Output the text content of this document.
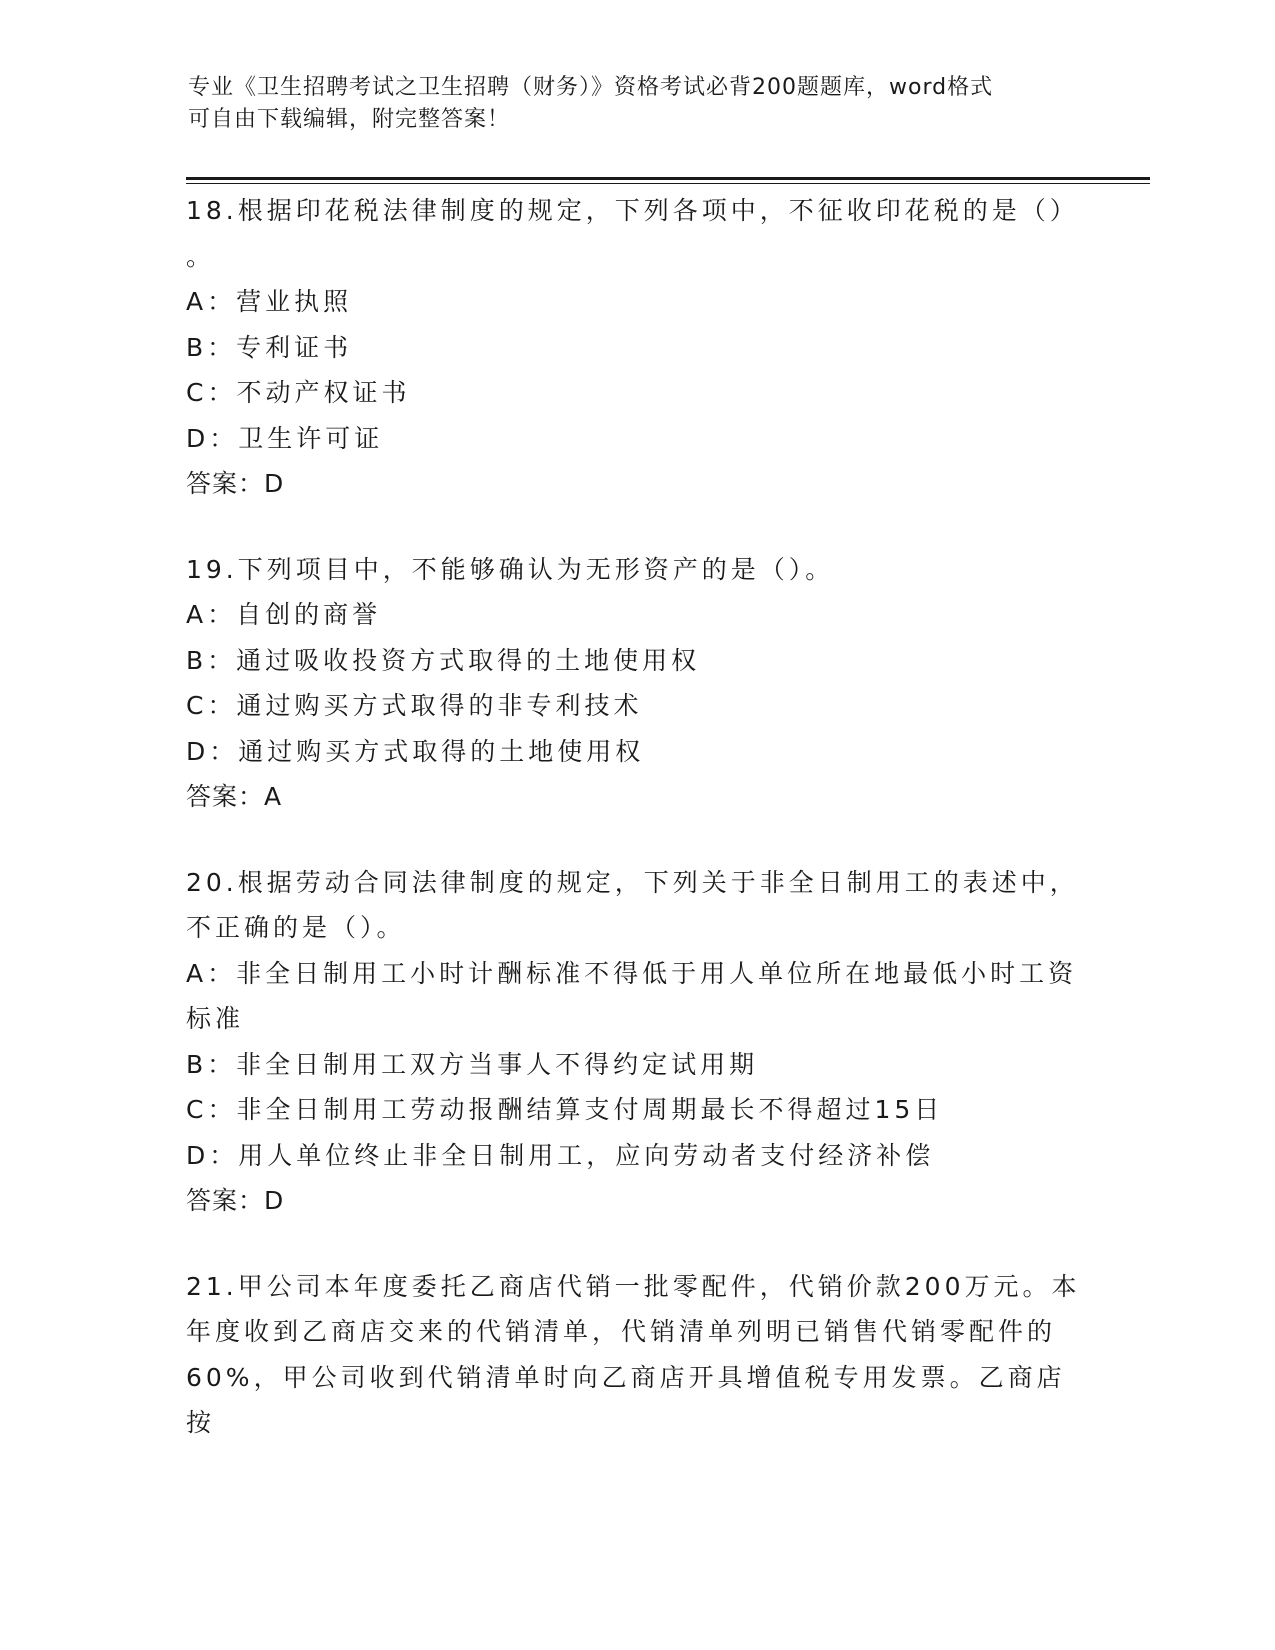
专业《卫生招聘考试之卫生招聘（财务）》资格考试必背200题题库，word格式
可自由下载编辑，附完整答案！
18.根据印花税法律制度的规定，下列各项中，不征收印花税的是（）
。
A：营业执照
B：专利证书
C：不动产权证书
D：卫生许可证
答案：D
19.下列项目中，不能够确认为无形资产的是（）。
A：自创的商誉
B：通过吸收投资方式取得的土地使用权
C：通过购买方式取得的非专利技术
D：通过购买方式取得的土地使用权
答案：A
20.根据劳动合同法律制度的规定，下列关于非全日制用工的表述中，
不正确的是（）。
A：非全日制用工小时计酬标准不得低于用人单位所在地最低小时工资
标准
B：非全日制用工双方当事人不得约定试用期
C：非全日制用工劳动报酬结算支付周期最长不得超过15日
D：用人单位终止非全日制用工，应向劳动者支付经济补偿
答案：D
21.甲公司本年度委托乙商店代销一批零配件，代销价款200万元。本
年度收到乙商店交来的代销清单，代销清单列明已销售代销零配件的
60%，甲公司收到代销清单时向乙商店开具增值税专用发票。乙商店按
